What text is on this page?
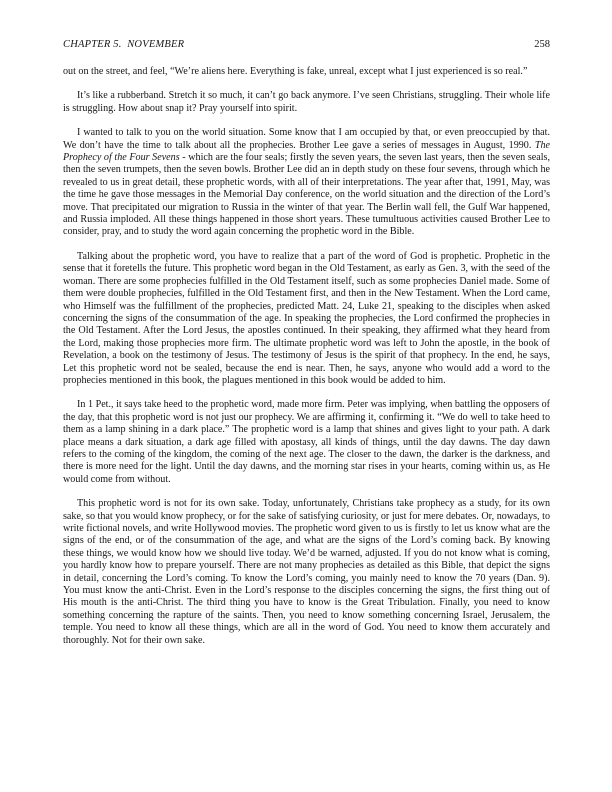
CHAPTER 5.  NOVEMBER	258

out on the street, and feel, “We’re aliens here. Everything is fake, unreal, except what I just experienced is so real.”

It’s like a rubberband. Stretch it so much, it can’t go back anymore. I’ve seen Christians, struggling. Their whole life is struggling. How about snap it? Pray yourself into spirit.

I wanted to talk to you on the world situation. Some know that I am occupied by that, or even preoccupied by that. We don’t have the time to talk about all the prophecies. Brother Lee gave a series of messages in August, 1990. The Prophecy of the Four Sevens - which are the four seals; firstly the seven years, the seven last years, then the seven seals, then the seven trumpets, then the seven bowls. Brother Lee did an in depth study on these four sevens, through which he revealed to us in great detail, these prophetic words, with all of their interpretations. The year after that, 1991, May, was the time he gave those messages in the Memorial Day conference, on the world situation and the direction of the Lord’s move. That precipitated our migration to Russia in the winter of that year. The Berlin wall fell, the Gulf War happened, and Russia imploded. All these things happened in those short years. These tumultuous activities caused Brother Lee to consider, pray, and to study the word again concerning the prophetic word in the Bible.

Talking about the prophetic word, you have to realize that a part of the word of God is prophetic. Prophetic in the sense that it foretells the future. This prophetic word began in the Old Testament, as early as Gen. 3, with the seed of the woman. There are some prophecies fulfilled in the Old Testament itself, such as some prophecies Daniel made. Some of them were double prophecies, fulfilled in the Old Testament first, and then in the New Testament. When the Lord came, who Himself was the fulfillment of the prophecies, predicted Matt. 24, Luke 21, speaking to the disciples when asked concerning the signs of the consummation of the age. In speaking the prophecies, the Lord confirmed the prophecies in the Old Testament. After the Lord Jesus, the apostles continued. In their speaking, they affirmed what they heard from the Lord, making those prophecies more firm. The ultimate prophetic word was left to John the apostle, in the book of Revelation, a book on the testimony of Jesus. The testimony of Jesus is the spirit of that prophecy. In the end, he says, Let this prophetic word not be sealed, because the end is near. Then, he says, anyone who would add a word to the prophecies mentioned in this book, the plagues mentioned in this book would be added to him.

In 1 Pet., it says take heed to the prophetic word, made more firm. Peter was implying, when battling the opposers of the day, that this prophetic word is not just our prophecy. We are affirming it, confirming it. “We do well to take heed to them as a lamp shining in a dark place.” The prophetic word is a lamp that shines and gives light to your path. A dark place means a dark situation, a dark age filled with apostasy, all kinds of things, until the day dawns. The day dawn refers to the coming of the kingdom, the coming of the next age. The closer to the dawn, the darker is the darkness, and there is more need for the light. Until the day dawns, and the morning star rises in your hearts, coming within us, as He would come from without.

This prophetic word is not for its own sake. Today, unfortunately, Christians take prophecy as a study, for its own sake, so that you would know prophecy, or for the sake of satisfying curiosity, or just for mere debates. Or, nowadays, to write fictional novels, and write Hollywood movies. The prophetic word given to us is firstly to let us know what are the signs of the end, or of the consummation of the age, and what are the signs of the Lord’s coming back. By knowing these things, we would know how we should live today. We’d be warned, adjusted. If you do not know what is coming, you hardly know how to prepare yourself. There are not many prophecies as detailed as this Bible, that depict the signs in detail, concerning the Lord’s coming. To know the Lord’s coming, you mainly need to know the 70 years (Dan. 9). You must know the anti-Christ. Even in the Lord’s response to the disciples concerning the signs, the first thing out of His mouth is the anti-Christ. The third thing you have to know is the Great Tribulation. Finally, you need to know something concerning the rapture of the saints. Then, you need to know something concerning Israel, Jerusalem, the temple. You need to know all these things, which are all in the word of God. You need to know them accurately and thoroughly. Not for their own sake.
